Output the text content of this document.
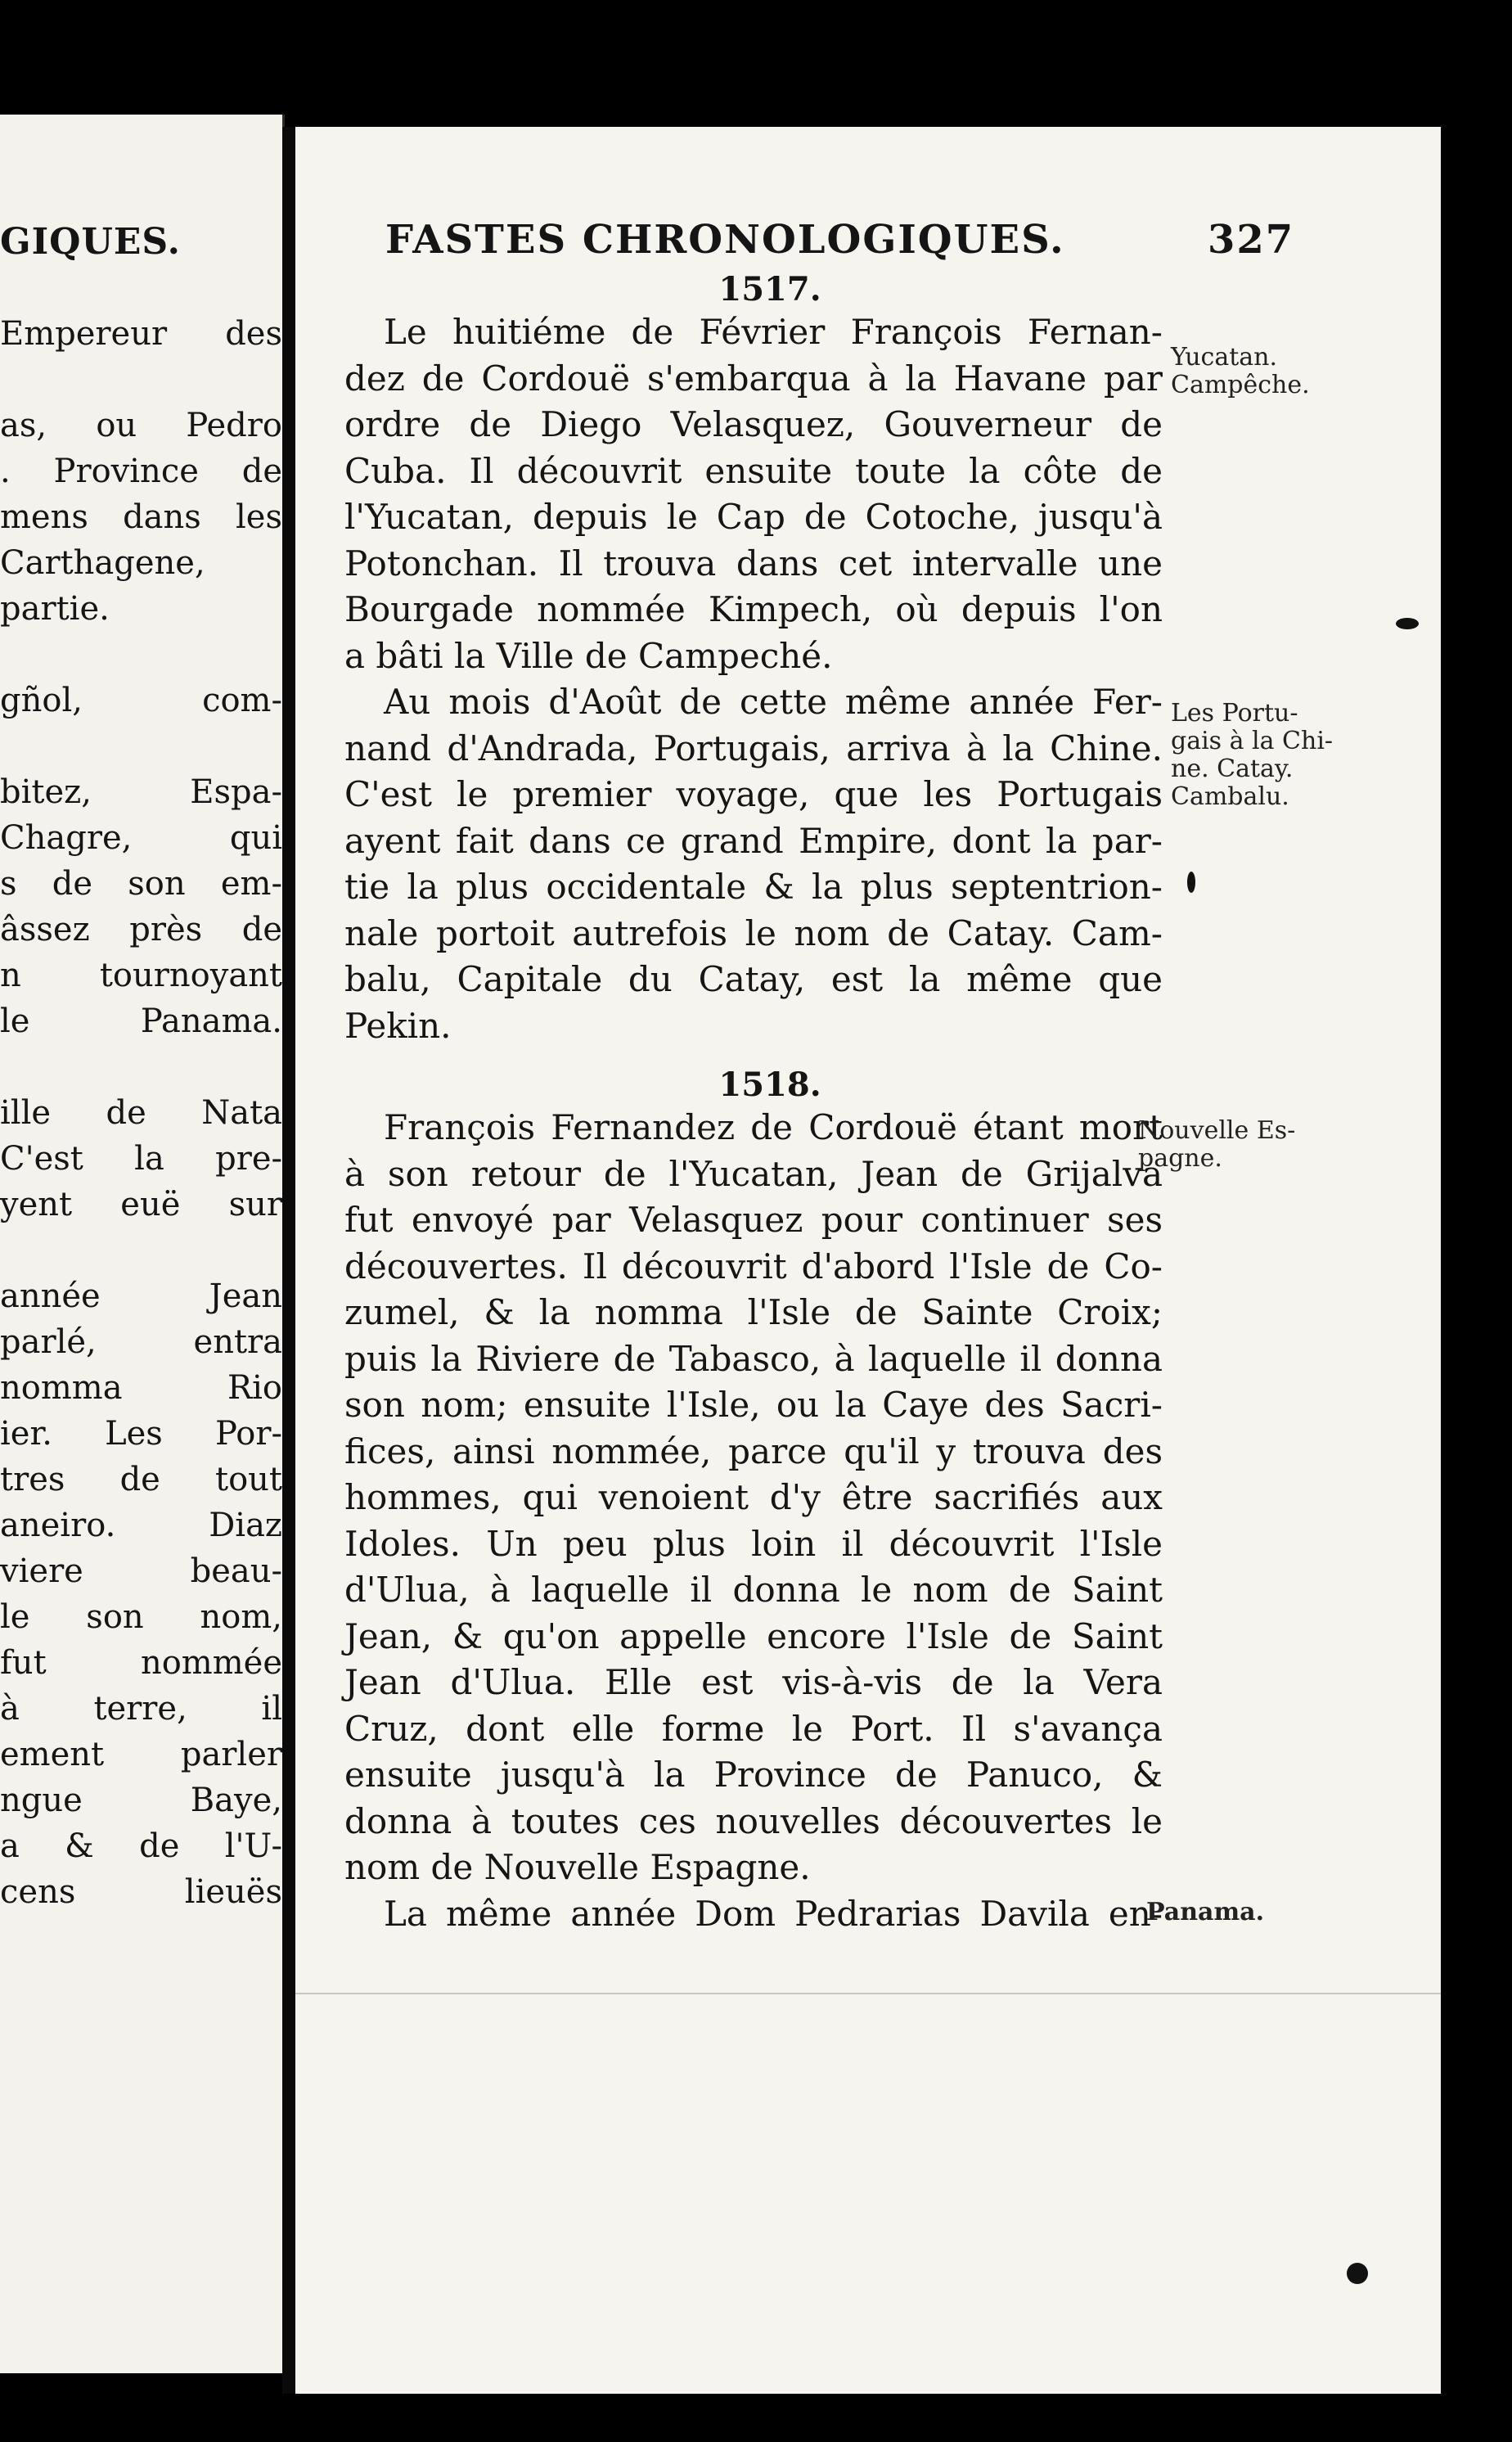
GIQUES.
Empereur des
as, ou Pedro
. Province de
mens dans les
Carthagene,
partie.
gñol, com-
bitez, Espa-
Chagre, qui
s de son em-
âssez près de
n tournoyant
le Panama.
ille de Nata
C'est la pre-
yent euë sur
année Jean
parlé, entra
nomma Rio
ier. Les Por-
tres de tout
aneiro. Diaz
viere beau-
le son nom,
fut nommée
à terre, il
ement parler
ngue Baye,
a & de l'U-
cens lieuës
FASTES CHRONOLOGIQUES.	327
1517.
Le huitiéme de Février François Fernan-
dez de Cordouë s'embarqua à la Havane par
ordre de Diego Velasquez, Gouverneur de
Cuba. Il découvrit ensuite toute la côte de
l'Yucatan, depuis le Cap de Cotoche, jusqu'à
Potonchan. Il trouva dans cet intervalle une
Bourgade nommée Kimpech, où depuis l'on
a bâti la Ville de Campeché.
Au mois d'Août de cette même année Fer-
nand d'Andrada, Portugais, arriva à la Chine.
C'est le premier voyage, que les Portugais
ayent fait dans ce grand Empire, dont la par-
tie la plus occidentale & la plus septentrion-
nale portoit autrefois le nom de Catay. Cam-
balu, Capitale du Catay, est la même que
Pekin.
1518.
François Fernandez de Cordouë étant mort
à son retour de l'Yucatan, Jean de Grijalva
fut envoyé par Velasquez pour continuer ses
découvertes. Il découvrit d'abord l'Isle de Co-
zumel, & la nomma l'Isle de Sainte Croix;
puis la Riviere de Tabasco, à laquelle il donna
son nom; ensuite l'Isle, ou la Caye des Sacri-
fices, ainsi nommée, parce qu'il y trouva des
hommes, qui venoient d'y être sacrifiés aux
Idoles. Un peu plus loin il découvrit l'Isle
d'Ulua, à laquelle il donna le nom de Saint
Jean, & qu'on appelle encore l'Isle de Saint
Jean d'Ulua. Elle est vis-à-vis de la Vera
Cruz, dont elle forme le Port. Il s'avança
ensuite jusqu'à la Province de Panuco, &
donna à toutes ces nouvelles découvertes le
nom de Nouvelle Espagne.
La même année Dom Pedrarias Davila en-
Yucatan.
Campêche.
Les Portu-
gais à la Chi-
ne. Catay.
Cambalu.
Nouvelle Es-
pagne.
Panama.
